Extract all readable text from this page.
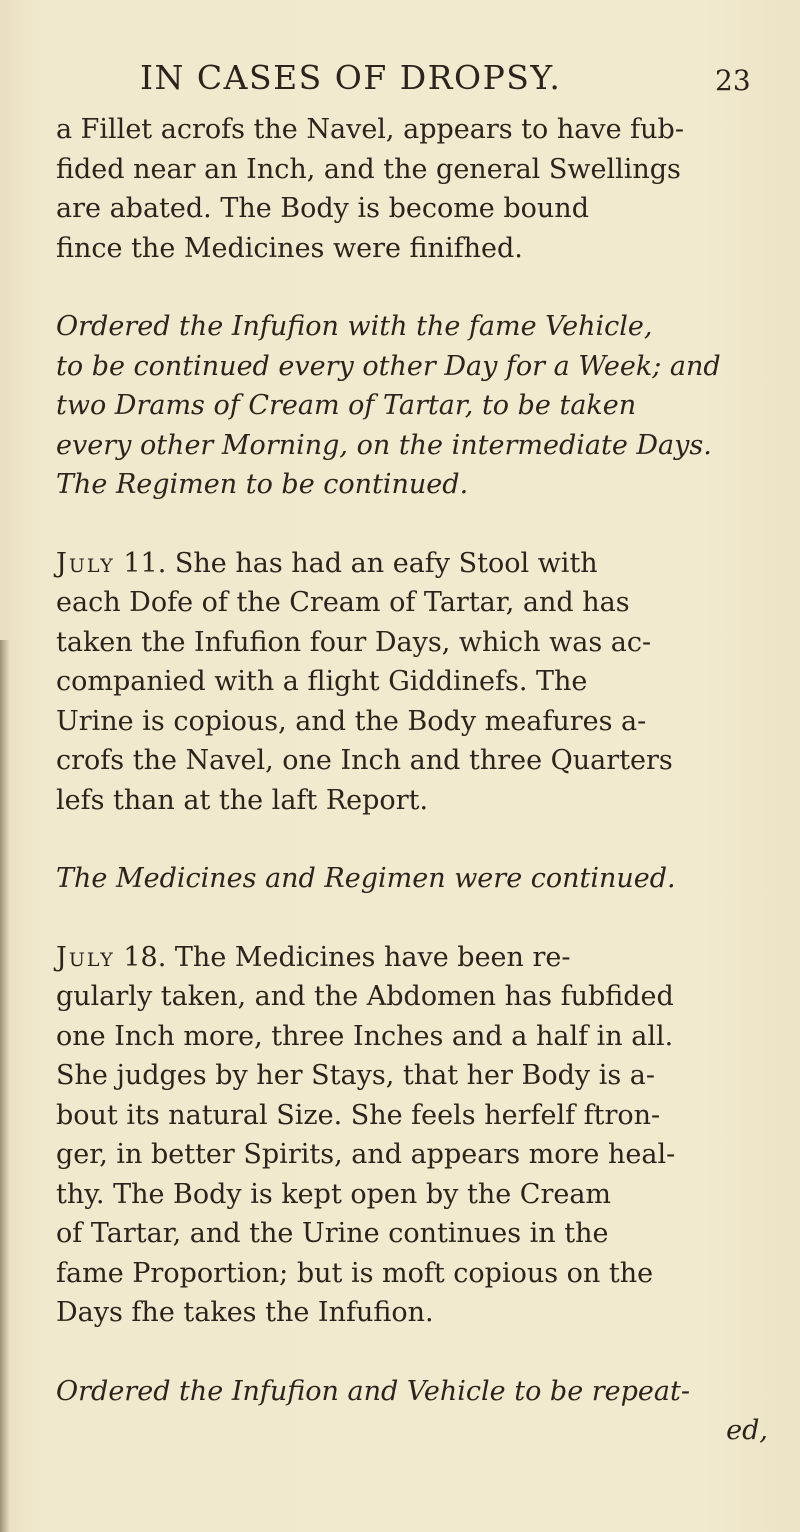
IN CASES OF DROPSY.	23
a Fillet acrofs the Navel, appears to have fub-
fided near an Inch, and the general Swellings
are abated. The Body is become bound
fince the Medicines were finifhed.
Ordered the Infufion with the fame Vehicle,
to be continued every other Day for a Week; and
two Drams of Cream of Tartar, to be taken
every other Morning, on the intermediate Days.
The Regimen to be continued.
July 11. She has had an eafy Stool with
each Dofe of the Cream of Tartar, and has
taken the Infufion four Days, which was ac-
companied with a flight Giddinefs. The
Urine is copious, and the Body meafures a-
crofs the Navel, one Inch and three Quarters
lefs than at the laft Report.
The Medicines and Regimen were continued.
July 18. The Medicines have been re-
gularly taken, and the Abdomen has fubfided
one Inch more, three Inches and a half in all.
She judges by her Stays, that her Body is a-
bout its natural Size. She feels herfelf ftron-
ger, in better Spirits, and appears more heal-
thy. The Body is kept open by the Cream
of Tartar, and the Urine continues in the
fame Proportion; but is moft copious on the
Days fhe takes the Infufion.
Ordered the Infufion and Vehicle to be repeat-
ed,
